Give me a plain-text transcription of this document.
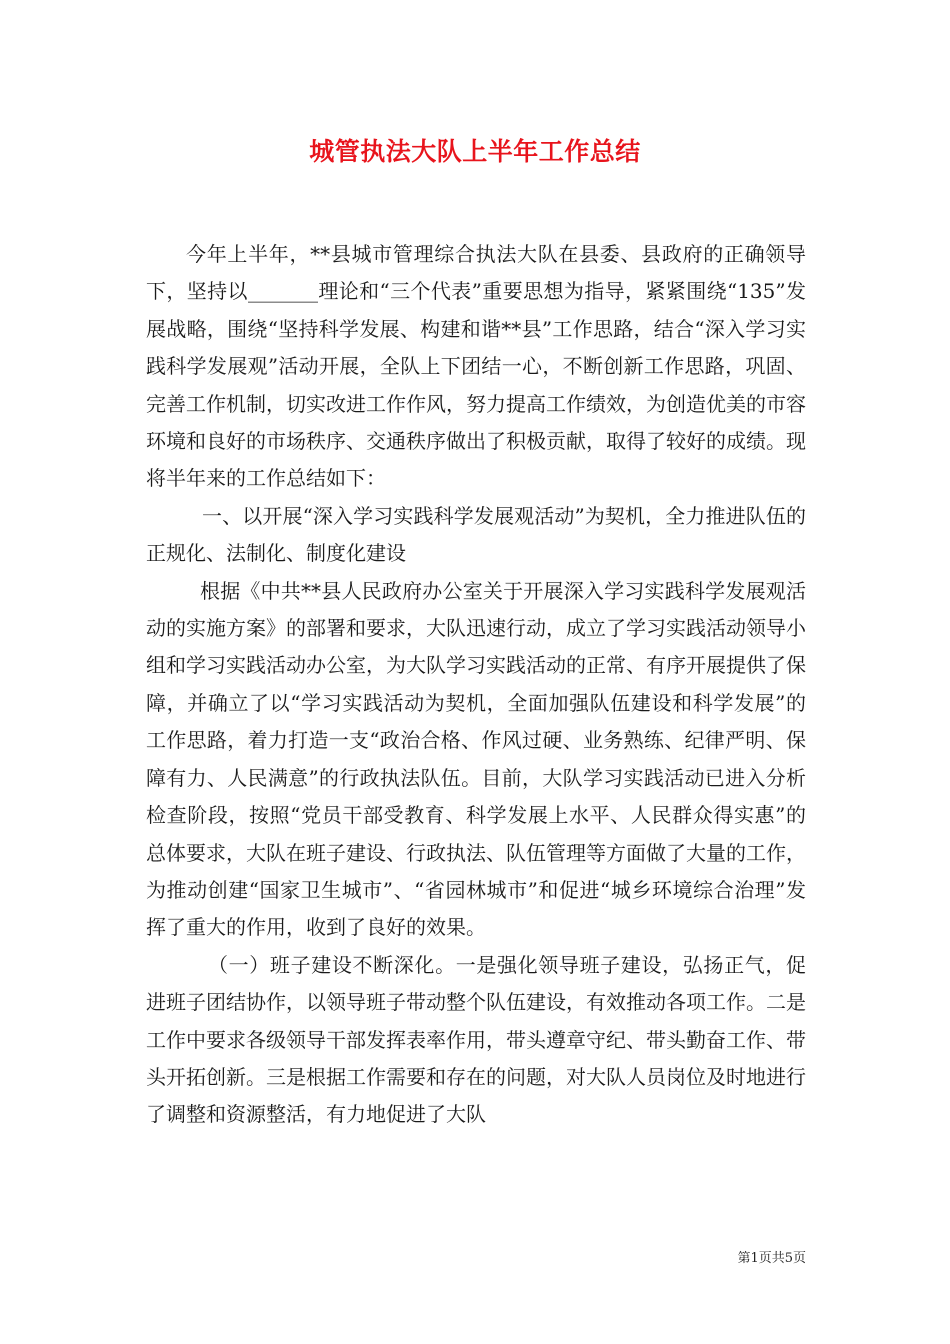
城管执法大队上半年工作总结

今年上半年，**县城市管理综合执法大队在县委、县政府的正确领导下，坚持以_______理论和“三个代表”重要思想为指导，紧紧围绕“135”发展战略，围绕“坚持科学发展、构建和谐**县”工作思路，结合“深入学习实践科学发展观”活动开展，全队上下团结一心，不断创新工作思路，巩固、完善工作机制，切实改进工作作风，努力提高工作绩效，为创造优美的市容环境和良好的市场秩序、交通秩序做出了积极贡献，取得了较好的成绩。现将半年来的工作总结如下：

一、以开展“深入学习实践科学发展观活动”为契机，全力推进队伍的正规化、法制化、制度化建设

根据《中共**县人民政府办公室关于开展深入学习实践科学发展观活动的实施方案》的部署和要求，大队迅速行动，成立了学习实践活动领导小组和学习实践活动办公室，为大队学习实践活动的正常、有序开展提供了保障，并确立了以“学习实践活动为契机，全面加强队伍建设和科学发展”的工作思路，着力打造一支“政治合格、作风过硬、业务熟练、纪律严明、保障有力、人民满意”的行政执法队伍。目前，大队学习实践活动已进入分析检查阶段，按照“党员干部受教育、科学发展上水平、人民群众得实惠”的总体要求，大队在班子建设、行政执法、队伍管理等方面做了大量的工作，为推动创建“国家卫生城市”、“省园林城市”和促进“城乡环境综合治理”发挥了重大的作用，收到了良好的效果。

（一）班子建设不断深化。一是强化领导班子建设，弘扬正气，促进班子团结协作，以领导班子带动整个队伍建设，有效推动各项工作。二是工作中要求各级领导干部发挥表率作用，带头遵章守纪、带头勤奋工作、带头开拓创新。三是根据工作需要和存在的问题，对大队人员岗位及时地进行了调整和资源整活，有力地促进了大队

第1页共5页
